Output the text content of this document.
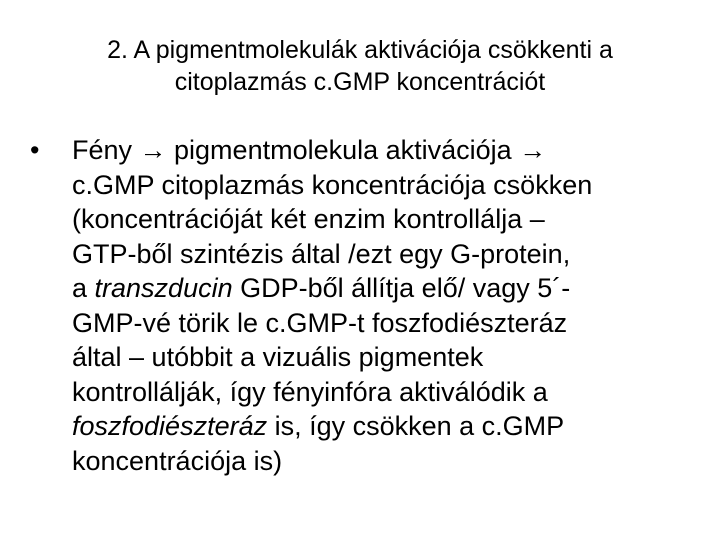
2. A pigmentmolekulák aktivációja csökkenti a
citoplazmás c.GMP koncentrációt
• Fény → pigmentmolekula aktivációja →
c.GMP citoplazmás koncentrációja csökken
(koncentrációját két enzim kontrollálja –
GTP-ből szintézis által /ezt egy G-protein,
a transzducin GDP-ből állítja elő/ vagy 5´-
GMP-vé törik le c.GMP-t foszfodiészteráz
által – utóbbit a vizuális pigmentek
kontrollálják, így fényinfóra aktiválódik a
foszfodiészteráz is, így csökken a c.GMP
koncentrációja is)
